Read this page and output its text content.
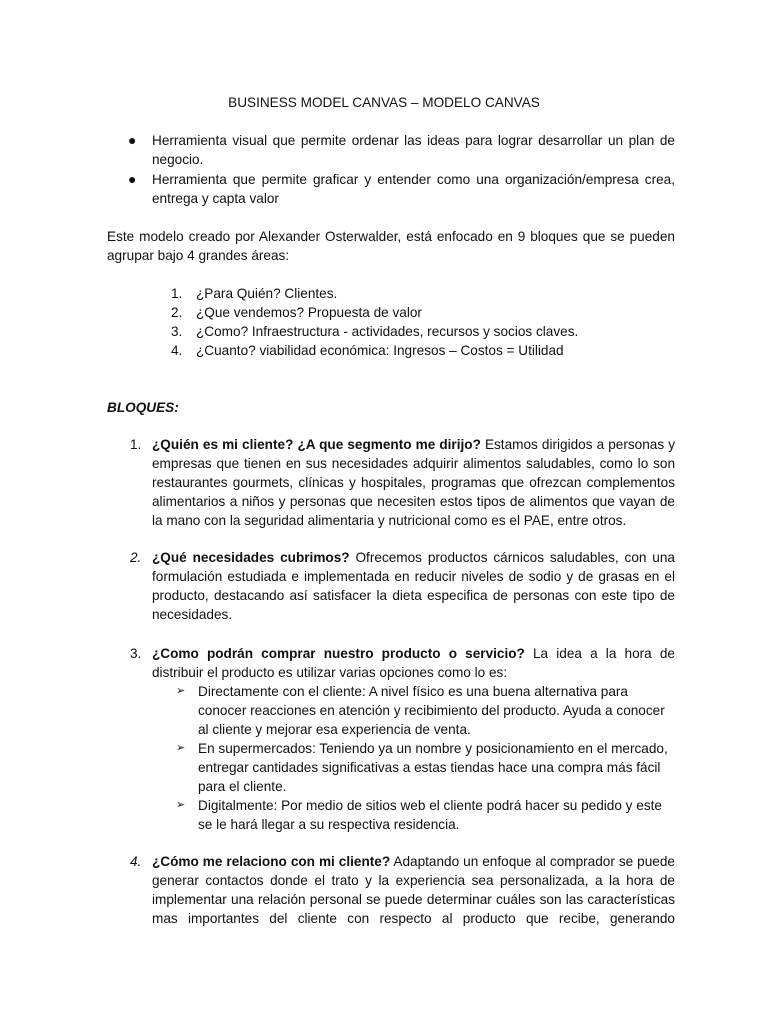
BUSINESS MODEL CANVAS – MODELO CANVAS
● Herramienta visual que permite ordenar las ideas para lograr desarrollar un plan de negocio.

● Herramienta que permite graficar y entender como una organización/empresa crea, entrega y capta valor

Este modelo creado por Alexander Osterwalder, está enfocado en 9 bloques que se pueden agrupar bajo 4 grandes áreas:

1. ¿Para Quién? Clientes.
2. ¿Que vendemos? Propuesta de valor
3. ¿Como? Infraestructura - actividades, recursos y socios claves.
4. ¿Cuanto? viabilidad económica: Ingresos – Costos = Utilidad
BLOQUES:
1. ¿Quién es mi cliente? ¿A que segmento me dirijo? Estamos dirigidos a personas y empresas que tienen en sus necesidades adquirir alimentos saludables, como lo son restaurantes gourmets, clínicas y hospitales, programas que ofrezcan complementos alimentarios a niños y personas que necesiten estos tipos de alimentos que vayan de la mano con la seguridad alimentaria y nutricional como es el PAE, entre otros.

2. ¿Qué necesidades cubrimos? Ofrecemos productos cárnicos saludables, con una formulación estudiada e implementada en reducir niveles de sodio y de grasas en el producto, destacando así satisfacer la dieta especifica de personas con este tipo de necesidades.

3. ¿Como podrán comprar nuestro producto o servicio? La idea a la hora de distribuir el producto es utilizar varias opciones como lo es:

➢ Directamente con el cliente: A nivel físico es una buena alternativa para conocer reacciones en atención y recibimiento del producto. Ayuda a conocer al cliente y mejorar esa experiencia de venta.

➢ En supermercados: Teniendo ya un nombre y posicionamiento en el mercado, entregar cantidades significativas a estas tiendas hace una compra más fácil para el cliente.

➢ Digitalmente: Por medio de sitios web el cliente podrá hacer su pedido y este se le hará llegar a su respectiva residencia.

4. ¿Cómo me relaciono con mi cliente? Adaptando un enfoque al comprador se puede generar contactos donde el trato y la experiencia sea personalizada, a la hora de implementar una relación personal se puede determinar cuáles son las características mas importantes del cliente con respecto al producto que recibe, generando
